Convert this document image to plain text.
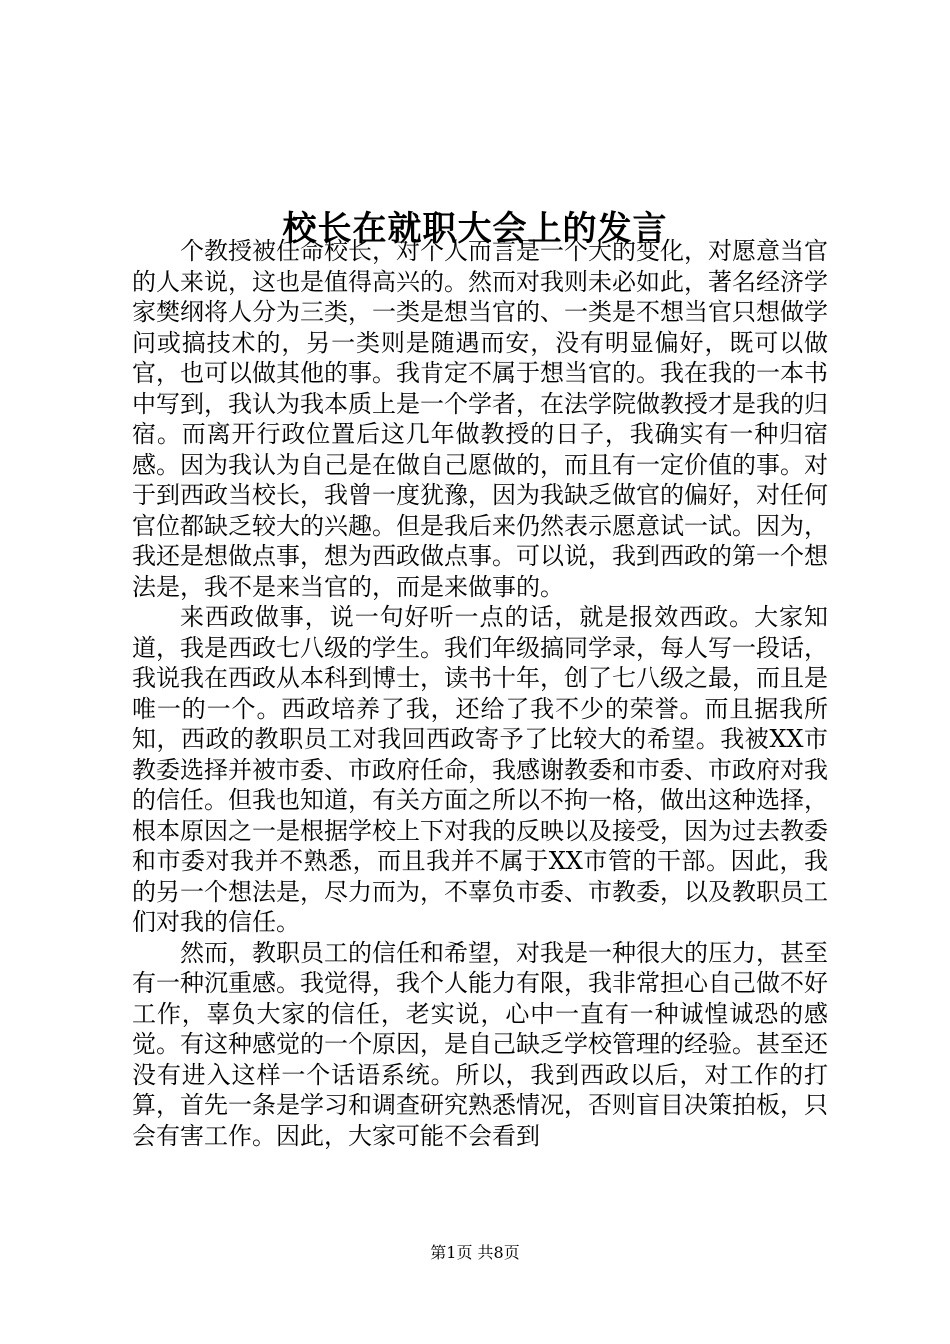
校长在就职大会上的发言

个教授被任命校长，对个人而言是一个大的变化，对愿意当官的人来说，这也是值得高兴的。然而对我则未必如此，著名经济学家樊纲将人分为三类，一类是想当官的、一类是不想当官只想做学问或搞技术的，另一类则是随遇而安，没有明显偏好，既可以做官，也可以做其他的事。我肯定不属于想当官的。我在我的一本书中写到，我认为我本质上是一个学者，在法学院做教授才是我的归宿。而离开行政位置后这几年做教授的日子，我确实有一种归宿感。因为我认为自己是在做自己愿做的，而且有一定价值的事。对于到西政当校长，我曾一度犹豫，因为我缺乏做官的偏好，对任何官位都缺乏较大的兴趣。但是我后来仍然表示愿意试一试。因为，我还是想做点事，想为西政做点事。可以说，我到西政的第一个想法是，我不是来当官的，而是来做事的。

来西政做事，说一句好听一点的话，就是报效西政。大家知道，我是西政七八级的学生。我们年级搞同学录，每人写一段话，我说我在西政从本科到博士，读书十年，创了七八级之最，而且是唯一的一个。西政培养了我，还给了我不少的荣誉。而且据我所知，西政的教职员工对我回西政寄予了比较大的希望。我被XX市教委选择并被市委、市政府任命，我感谢教委和市委、市政府对我的信任。但我也知道，有关方面之所以不拘一格，做出这种选择，根本原因之一是根据学校上下对我的反映以及接受，因为过去教委和市委对我并不熟悉，而且我并不属于XX市管的干部。因此，我的另一个想法是，尽力而为，不辜负市委、市教委，以及教职员工们对我的信任。

然而，教职员工的信任和希望，对我是一种很大的压力，甚至有一种沉重感。我觉得，我个人能力有限，我非常担心自己做不好工作，辜负大家的信任，老实说，心中一直有一种诚惶诚恐的感觉。有这种感觉的一个原因，是自己缺乏学校管理的经验。甚至还没有进入这样一个话语系统。所以，我到西政以后，对工作的打算，首先一条是学习和调查研究熟悉情况，否则盲目决策拍板，只会有害工作。因此，大家可能不会看到

第1页 共8页
